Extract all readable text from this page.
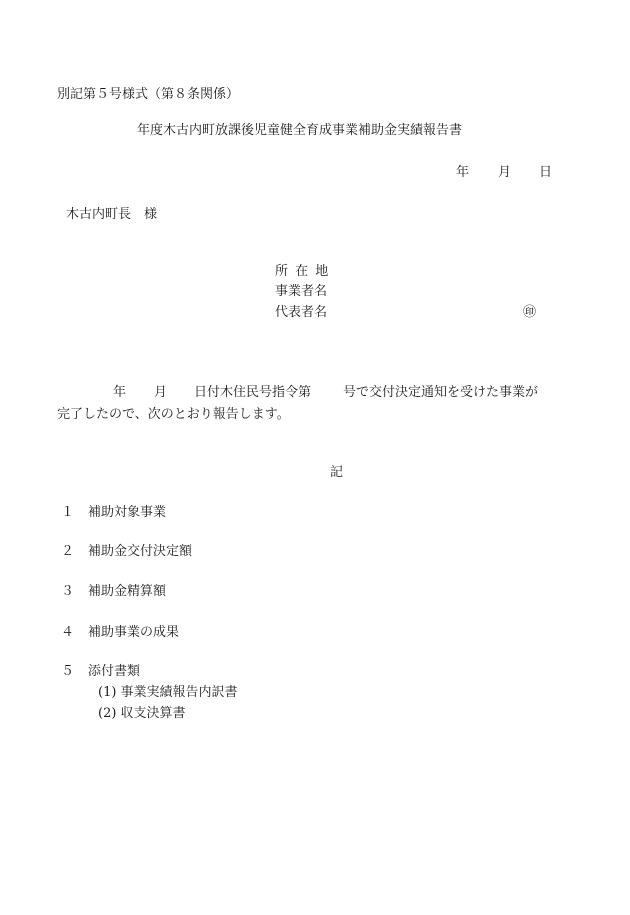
別記第５号様式（第８条関係）
年度木古内町放課後児童健全育成事業補助金実績報告書
年 月 日
木古内町長　様
所在地
事業者名
代表者名	㊞
年 月 日付木住民号指令第 号で交付決定通知を受けた事業が
完了したので、次のとおり報告します。
記
１ 補助対象事業
２ 補助金交付決定額
３ 補助金精算額
４ 補助事業の成果
５ 添付書類
(1) 事業実績報告内訳書
(2) 収支決算書
